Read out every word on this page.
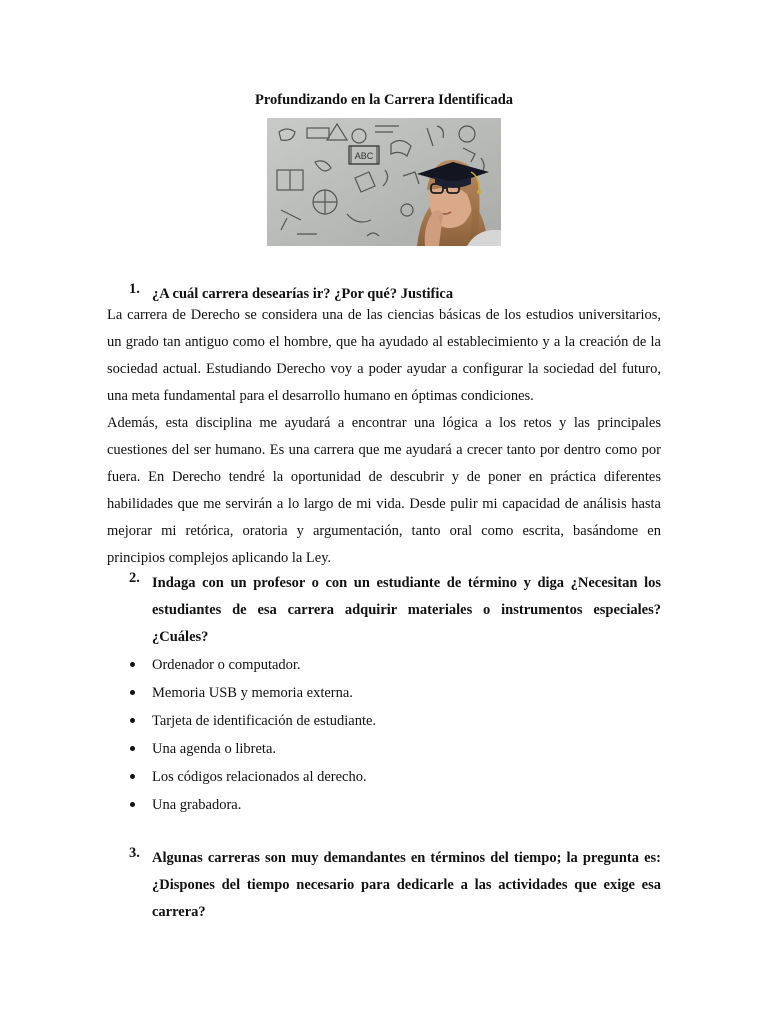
Profundizando en la Carrera Identificada
ABC
1. ¿A cuál carrera desearías ir? ¿Por qué? Justifica

La carrera de Derecho se considera una de las ciencias básicas de los estudios universitarios, un grado tan antiguo como el hombre, que ha ayudado al establecimiento y a la creación de la sociedad actual. Estudiando Derecho voy a poder ayudar a configurar la sociedad del futuro, una meta fundamental para el desarrollo humano en óptimas condiciones.

Además, esta disciplina me ayudará a encontrar una lógica a los retos y las principales cuestiones del ser humano. Es una carrera que me ayudará a crecer tanto por dentro como por fuera. En Derecho tendré la oportunidad de descubrir y de poner en práctica diferentes habilidades que me servirán a lo largo de mi vida. Desde pulir mi capacidad de análisis hasta mejorar mi retórica, oratoria y argumentación, tanto oral como escrita, basándome en principios complejos aplicando la Ley.

2. Indaga con un profesor o con un estudiante de término y diga ¿Necesitan los estudiantes de esa carrera adquirir materiales o instrumentos especiales? ¿Cuáles?
Ordenador o computador.
Memoria USB y memoria externa.
Tarjeta de identificación de estudiante.
Una agenda o libreta.
Los códigos relacionados al derecho.
Una grabadora.
3. Algunas carreras son muy demandantes en términos del tiempo; la pregunta es: ¿Dispones del tiempo necesario para dedicarle a las actividades que exige esa carrera?
